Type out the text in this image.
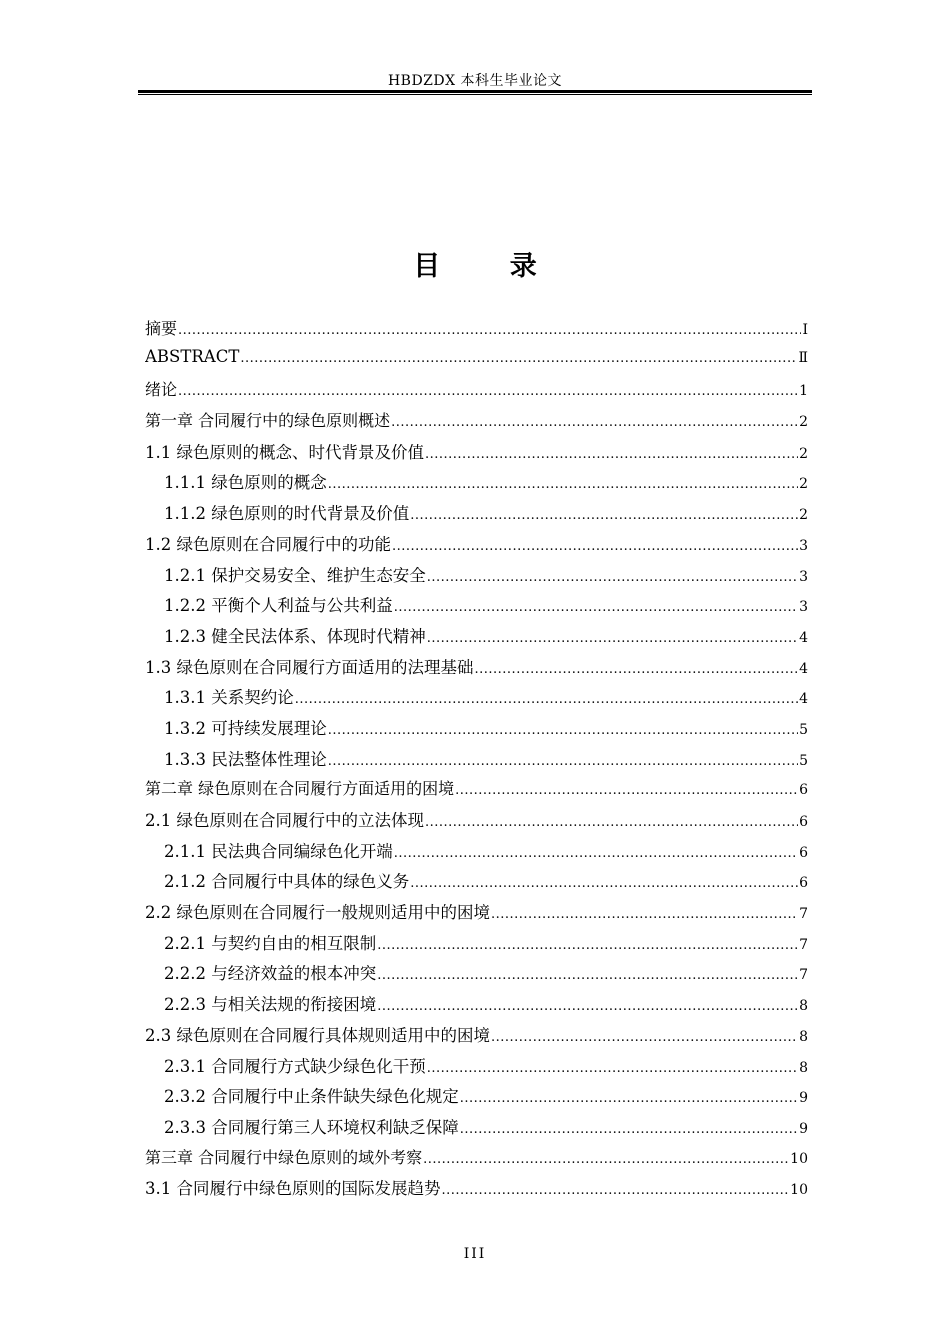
HBDZDX 本科生毕业论文
目 录
摘要 .....	I
ABSTRACT .....	Ⅱ
绪论 .....	1
第一章 合同履行中的绿色原则概述 .....	2
1.1 绿色原则的概念、时代背景及价值 .....	2
1.1.1 绿色原则的概念 .....	2
1.1.2 绿色原则的时代背景及价值 .....	2
1.2 绿色原则在合同履行中的功能 .....	3
1.2.1 保护交易安全、维护生态安全 .....	3
1.2.2 平衡个人利益与公共利益 .....	3
1.2.3 健全民法体系、体现时代精神 .....	4
1.3 绿色原则在合同履行方面适用的法理基础 .....	4
1.3.1 关系契约论 .....	4
1.3.2 可持续发展理论 .....	5
1.3.3 民法整体性理论 .....	5
第二章 绿色原则在合同履行方面适用的困境 .....	6
2.1 绿色原则在合同履行中的立法体现 .....	6
2.1.1 民法典合同编绿色化开端 .....	6
2.1.2 合同履行中具体的绿色义务 .....	6
2.2 绿色原则在合同履行一般规则适用中的困境 .....	7
2.2.1 与契约自由的相互限制 .....	7
2.2.2 与经济效益的根本冲突 .....	7
2.2.3 与相关法规的衔接困境 .....	8
2.3 绿色原则在合同履行具体规则适用中的困境 .....	8
2.3.1 合同履行方式缺少绿色化干预 .....	8
2.3.2 合同履行中止条件缺失绿色化规定 .....	9
2.3.3 合同履行第三人环境权利缺乏保障 .....	9
第三章 合同履行中绿色原则的域外考察 .....	10
3.1 合同履行中绿色原则的国际发展趋势 .....	10
III
